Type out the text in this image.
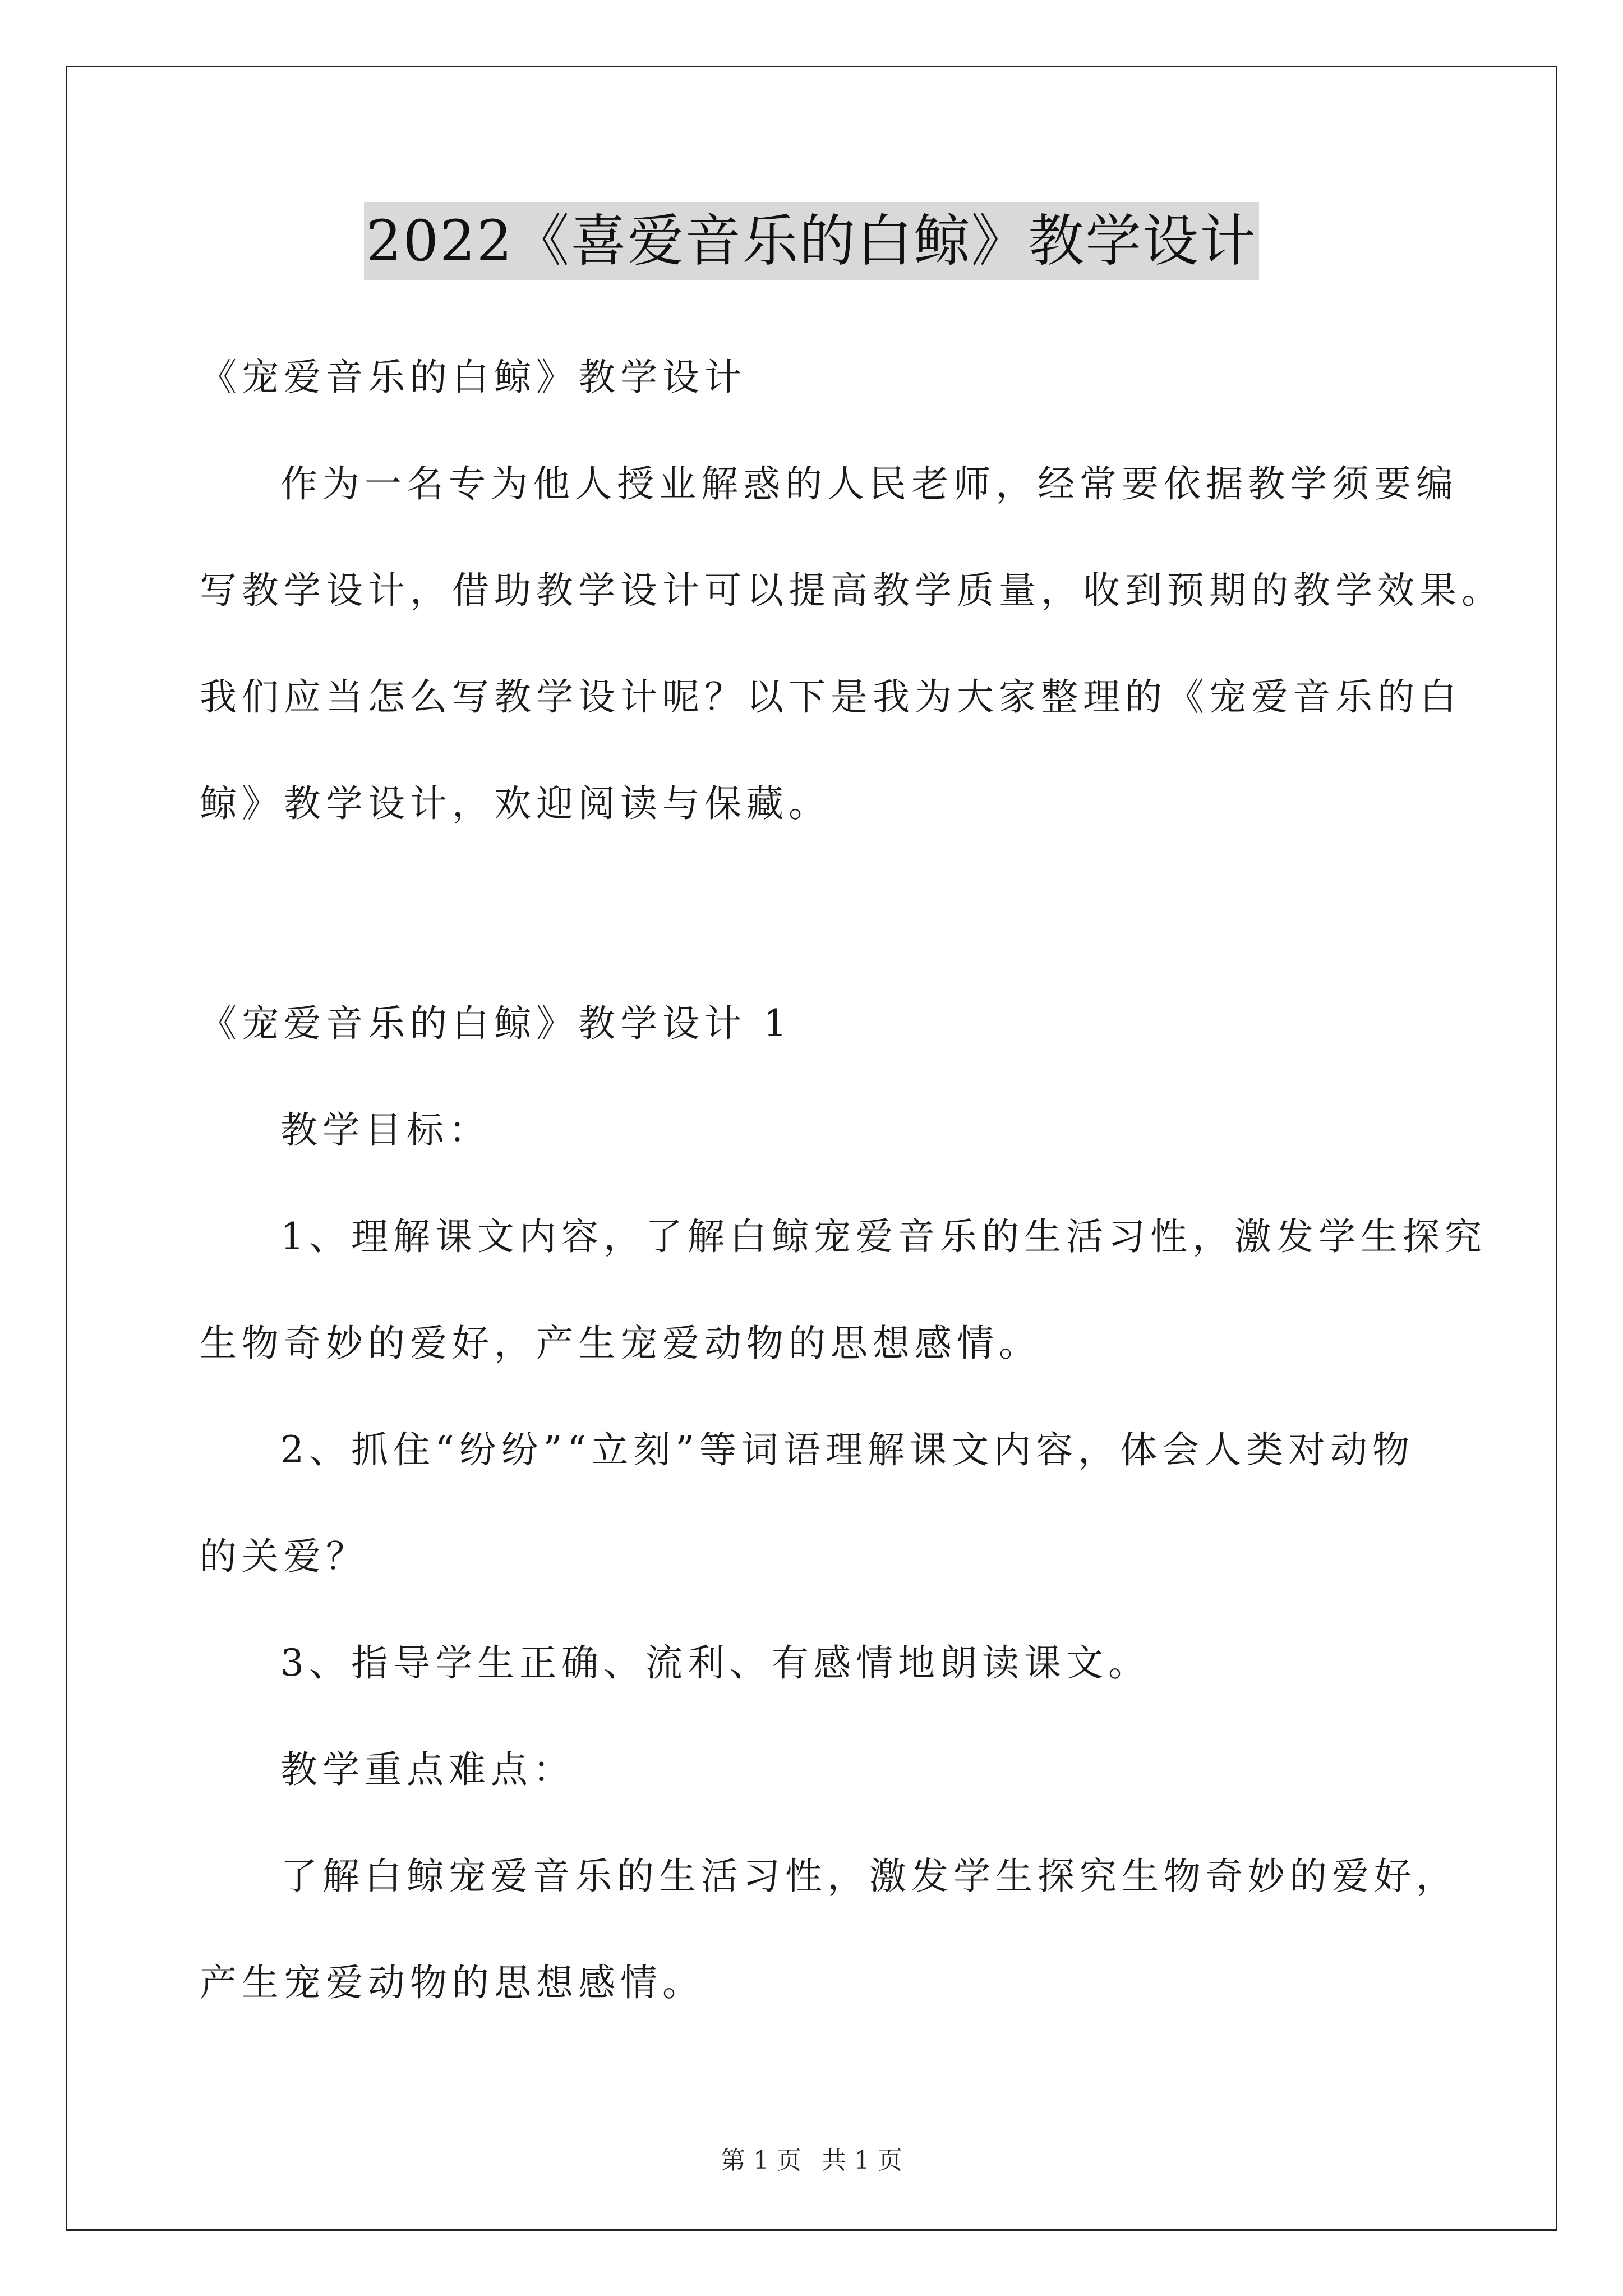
2022《喜爱音乐的白鲸》教学设计
《宠爱音乐的白鲸》教学设计
作为一名专为他人授业解惑的人民老师，经常要依据教学须要编
写教学设计，借助教学设计可以提高教学质量，收到预期的教学效果。
我们应当怎么写教学设计呢？以下是我为大家整理的《宠爱音乐的白
鲸》教学设计，欢迎阅读与保藏。
《宠爱音乐的白鲸》教学设计 1
教学目标：
1、理解课文内容，了解白鲸宠爱音乐的生活习性，激发学生探究
生物奇妙的爱好，产生宠爱动物的思想感情。
2、抓住“纷纷”“立刻”等词语理解课文内容，体会人类对动物
的关爱？
3、指导学生正确、流利、有感情地朗读课文。
教学重点难点：
了解白鲸宠爱音乐的生活习性，激发学生探究生物奇妙的爱好，
产生宠爱动物的思想感情。
第 1 页 共 1 页
